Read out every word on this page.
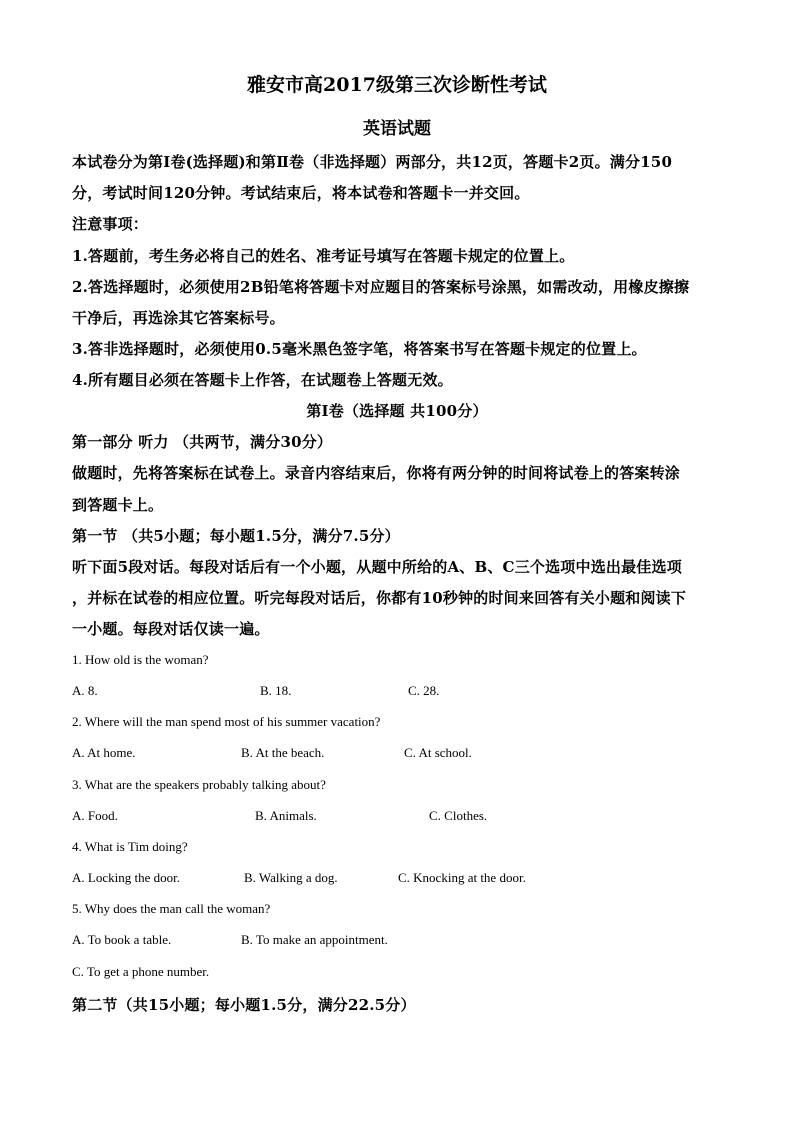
雅安市高2017级第三次诊断性考试
英语试题
本试卷分为第Ⅰ卷(选择题)和第Ⅱ卷（非选择题）两部分，共12页，答题卡2页。满分150
分，考试时间120分钟。考试结束后，将本试卷和答题卡一并交回。
注意事项：
1.答题前，考生务必将自己的姓名、准考证号填写在答题卡规定的位置上。
2.答选择题时，必须使用2B铅笔将答题卡对应题目的答案标号涂黑，如需改动，用橡皮擦擦
干净后，再选涂其它答案标号。
3.答非选择题时，必须使用0.5毫米黑色签字笔，将答案书写在答题卡规定的位置上。
4.所有题目必须在答题卡上作答，在试题卷上答题无效。
第Ⅰ卷（选择题 共100分）
第一部分 听力 （共两节，满分30分）
做题时，先将答案标在试卷上。录音内容结束后，你将有两分钟的时间将试卷上的答案转涂
到答题卡上。
第一节 （共5小题；每小题1.5分，满分7.5分）
听下面5段对话。每段对话后有一个小题，从题中所给的A、B、C三个选项中选出最佳选项
，并标在试卷的相应位置。听完每段对话后，你都有10秒钟的时间来回答有关小题和阅读下
一小题。每段对话仅读一遍。
1. How old is the woman?
A. 8.	B. 18.	C. 28.
2. Where will the man spend most of his summer vacation?
A. At home.	B. At the beach.	C. At school.
3. What are the speakers probably talking about?
A. Food.	B. Animals.	C. Clothes.
4. What is Tim doing?
A. Locking the door.	B. Walking a dog.	C. Knocking at the door.
5. Why does the man call the woman?
A. To book a table.	B. To make an appointment.
C. To get a phone number.
第二节（共15小题；每小题1.5分，满分22.5分）
